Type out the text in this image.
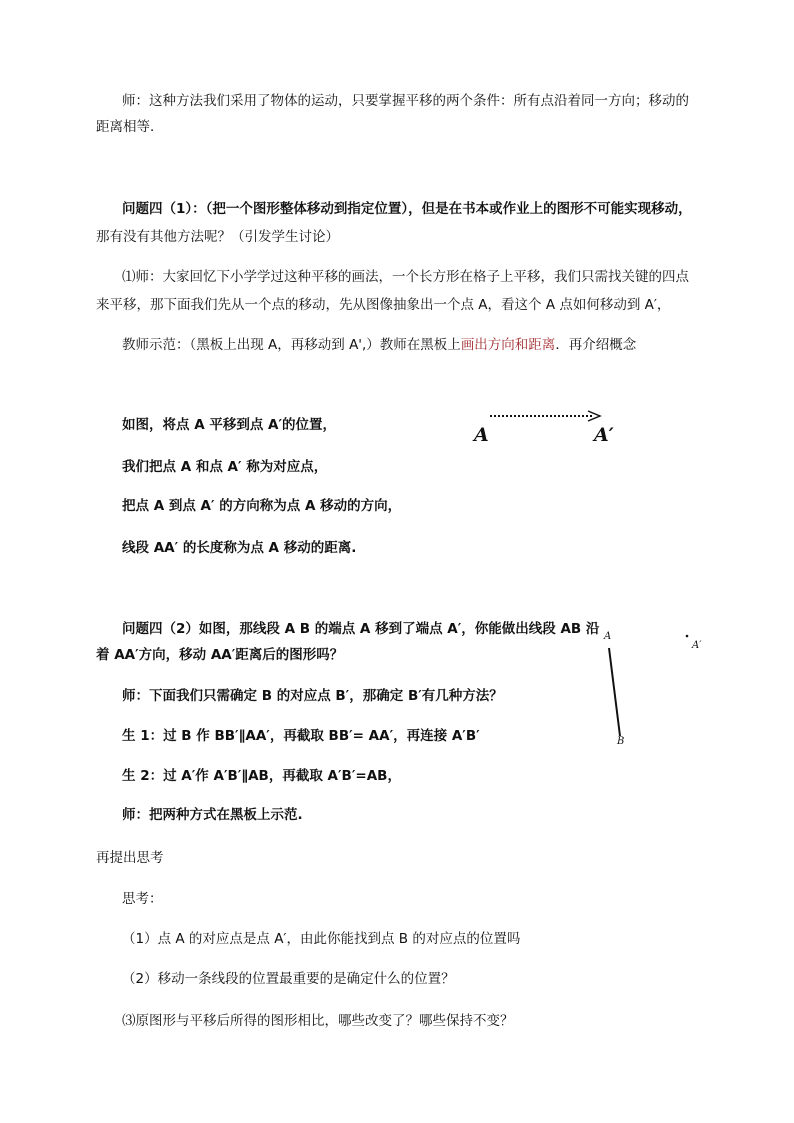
师：这种方法我们采用了物体的运动，只要掌握平移的两个条件：所有点沿着同一方向；移动的

距离相等．

问题四（1）：（把一个图形整体移动到指定位置），但是在书本或作业上的图形不可能实现移动，

那有没有其他方法呢？（引发学生讨论）

⑴师：大家回忆下小学学过这种平移的画法，一个长方形在格子上平移，我们只需找关键的四点

来平移，那下面我们先从一个点的移动，先从图像抽象出一个点 A，看这个 A 点如何移动到 A′，

教师示范：（黑板上出现 A，再移动到 A',）教师在黑板上画出方向和距离．再介绍概念

如图，将点 A 平移到点 A′的位置，

我们把点 A 和点 A′ 称为对应点，

把点 A 到点 A′ 的方向称为点 A 移动的方向，

线段 AA′ 的长度称为点 A 移动的距离.

A	A′

问题四（2）如图，那线段 A B 的端点 A 移到了端点 A′，你能做出线段 AB 沿

着 AA′方向，移动 AA′距离后的图形吗？

师：下面我们只需确定 B 的对应点 B′，那确定 B′有几种方法？

生 1：过 B 作 BB′∥AA′，再截取 BB′= AA′，再连接 A′B′

生 2：过 A′作 A′B′∥AB，再截取 A′B′=AB，

师：把两种方式在黑板上示范.

A
A′
B

再提出思考

思考：

（1）点 A 的对应点是点 A′，由此你能找到点 B 的对应点的位置吗

（2）移动一条线段的位置最重要的是确定什么的位置？

⑶原图形与平移后所得的图形相比，哪些改变了？哪些保持不变？
